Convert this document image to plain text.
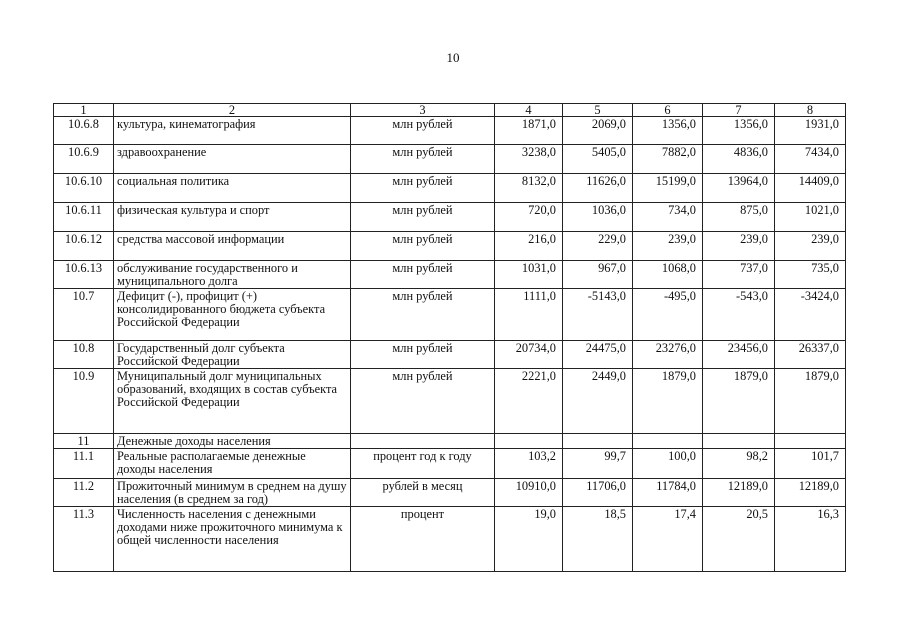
10
1	2	3	4	5	6	7	8
10.6.8	культура, кинематография	млн рублей	1871,0	2069,0	1356,0	1356,0	1931,0
10.6.9	здравоохранение	млн рублей	3238,0	5405,0	7882,0	4836,0	7434,0
10.6.10	социальная политика	млн рублей	8132,0	11626,0	15199,0	13964,0	14409,0
10.6.11	физическая культура и спорт	млн рублей	720,0	1036,0	734,0	875,0	1021,0
10.6.12	средства массовой информации	млн рублей	216,0	229,0	239,0	239,0	239,0
10.6.13	обслуживание государственного и муниципального долга	млн рублей	1031,0	967,0	1068,0	737,0	735,0
10.7	Дефицит (-), профицит (+) консолидированного бюджета субъекта Российской Федерации	млн рублей	1111,0	-5143,0	-495,0	-543,0	-3424,0
10.8	Государственный долг субъекта Российской Федерации	млн рублей	20734,0	24475,0	23276,0	23456,0	26337,0
10.9	Муниципальный долг муниципальных образований, входящих в состав субъекта Российской Федерации	млн рублей	2221,0	2449,0	1879,0	1879,0	1879,0
11	Денежные доходы населения						
11.1	Реальные располагаемые денежные доходы населения	процент год к году	103,2	99,7	100,0	98,2	101,7
11.2	Прожиточный минимум в среднем на душу населения (в среднем за год)	рублей в месяц	10910,0	11706,0	11784,0	12189,0	12189,0
11.3	Численность населения с денежными доходами ниже прожиточного минимума к общей численности населения	процент	19,0	18,5	17,4	20,5	16,3
